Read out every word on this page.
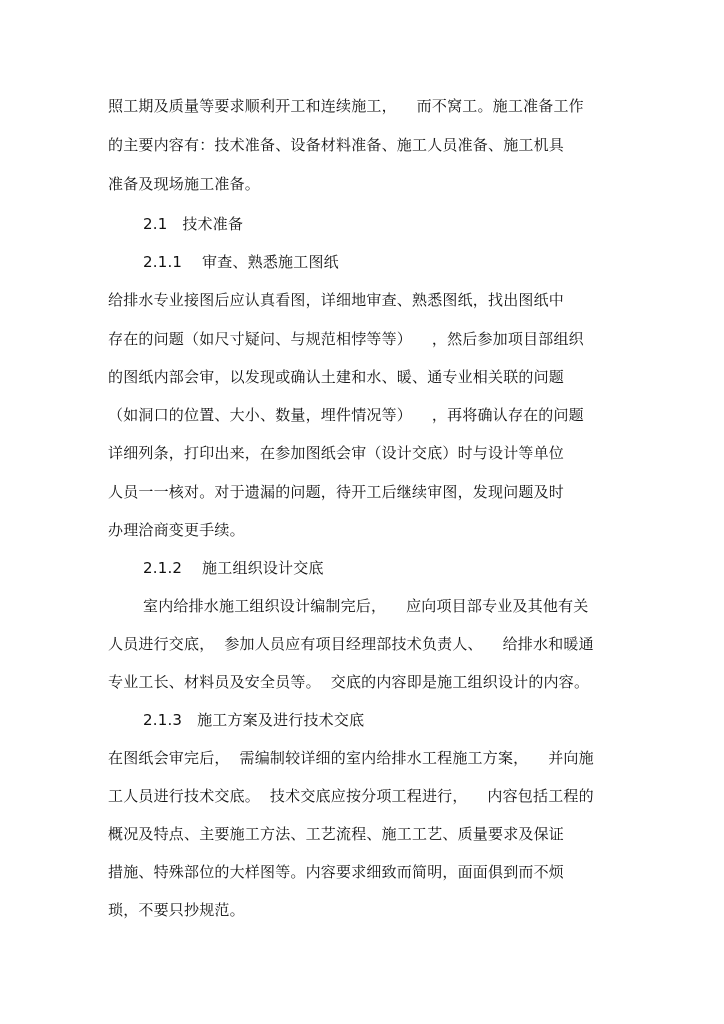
照工期及质量等要求顺利开工和连续施工，    而不窝工。施工准备工作
的主要内容有：技术准备、设备材料准备、施工人员准备、施工机具
准备及现场施工准备。
2.1   技术准备
2.1.1    审查、熟悉施工图纸
给排水专业接图后应认真看图，详细地审查、熟悉图纸，找出图纸中
存在的问题（如尺寸疑问、与规范相悖等等）    ，然后参加项目部组织
的图纸内部会审，以发现或确认土建和水、暖、通专业相关联的问题
（如洞口的位置、大小、数量，埋件情况等）    ，再将确认存在的问题
详细列条，打印出来，在参加图纸会审（设计交底）时与设计等单位
人员一一核对。对于遗漏的问题，待开工后继续审图，发现问题及时
办理洽商变更手续。
2.1.2    施工组织设计交底
室内给排水施工组织设计编制完后，    应向项目部专业及其他有关
人员进行交底，  参加人员应有项目经理部技术负责人、    给排水和暖通
专业工长、材料员及安全员等。  交底的内容即是施工组织设计的内容。
2.1.3   施工方案及进行技术交底
在图纸会审完后，  需编制较详细的室内给排水工程施工方案，    并向施
工人员进行技术交底。  技术交底应按分项工程进行，    内容包括工程的
概况及特点、主要施工方法、工艺流程、施工工艺、质量要求及保证
措施、特殊部位的大样图等。内容要求细致而简明，面面俱到而不烦
琐，不要只抄规范。
